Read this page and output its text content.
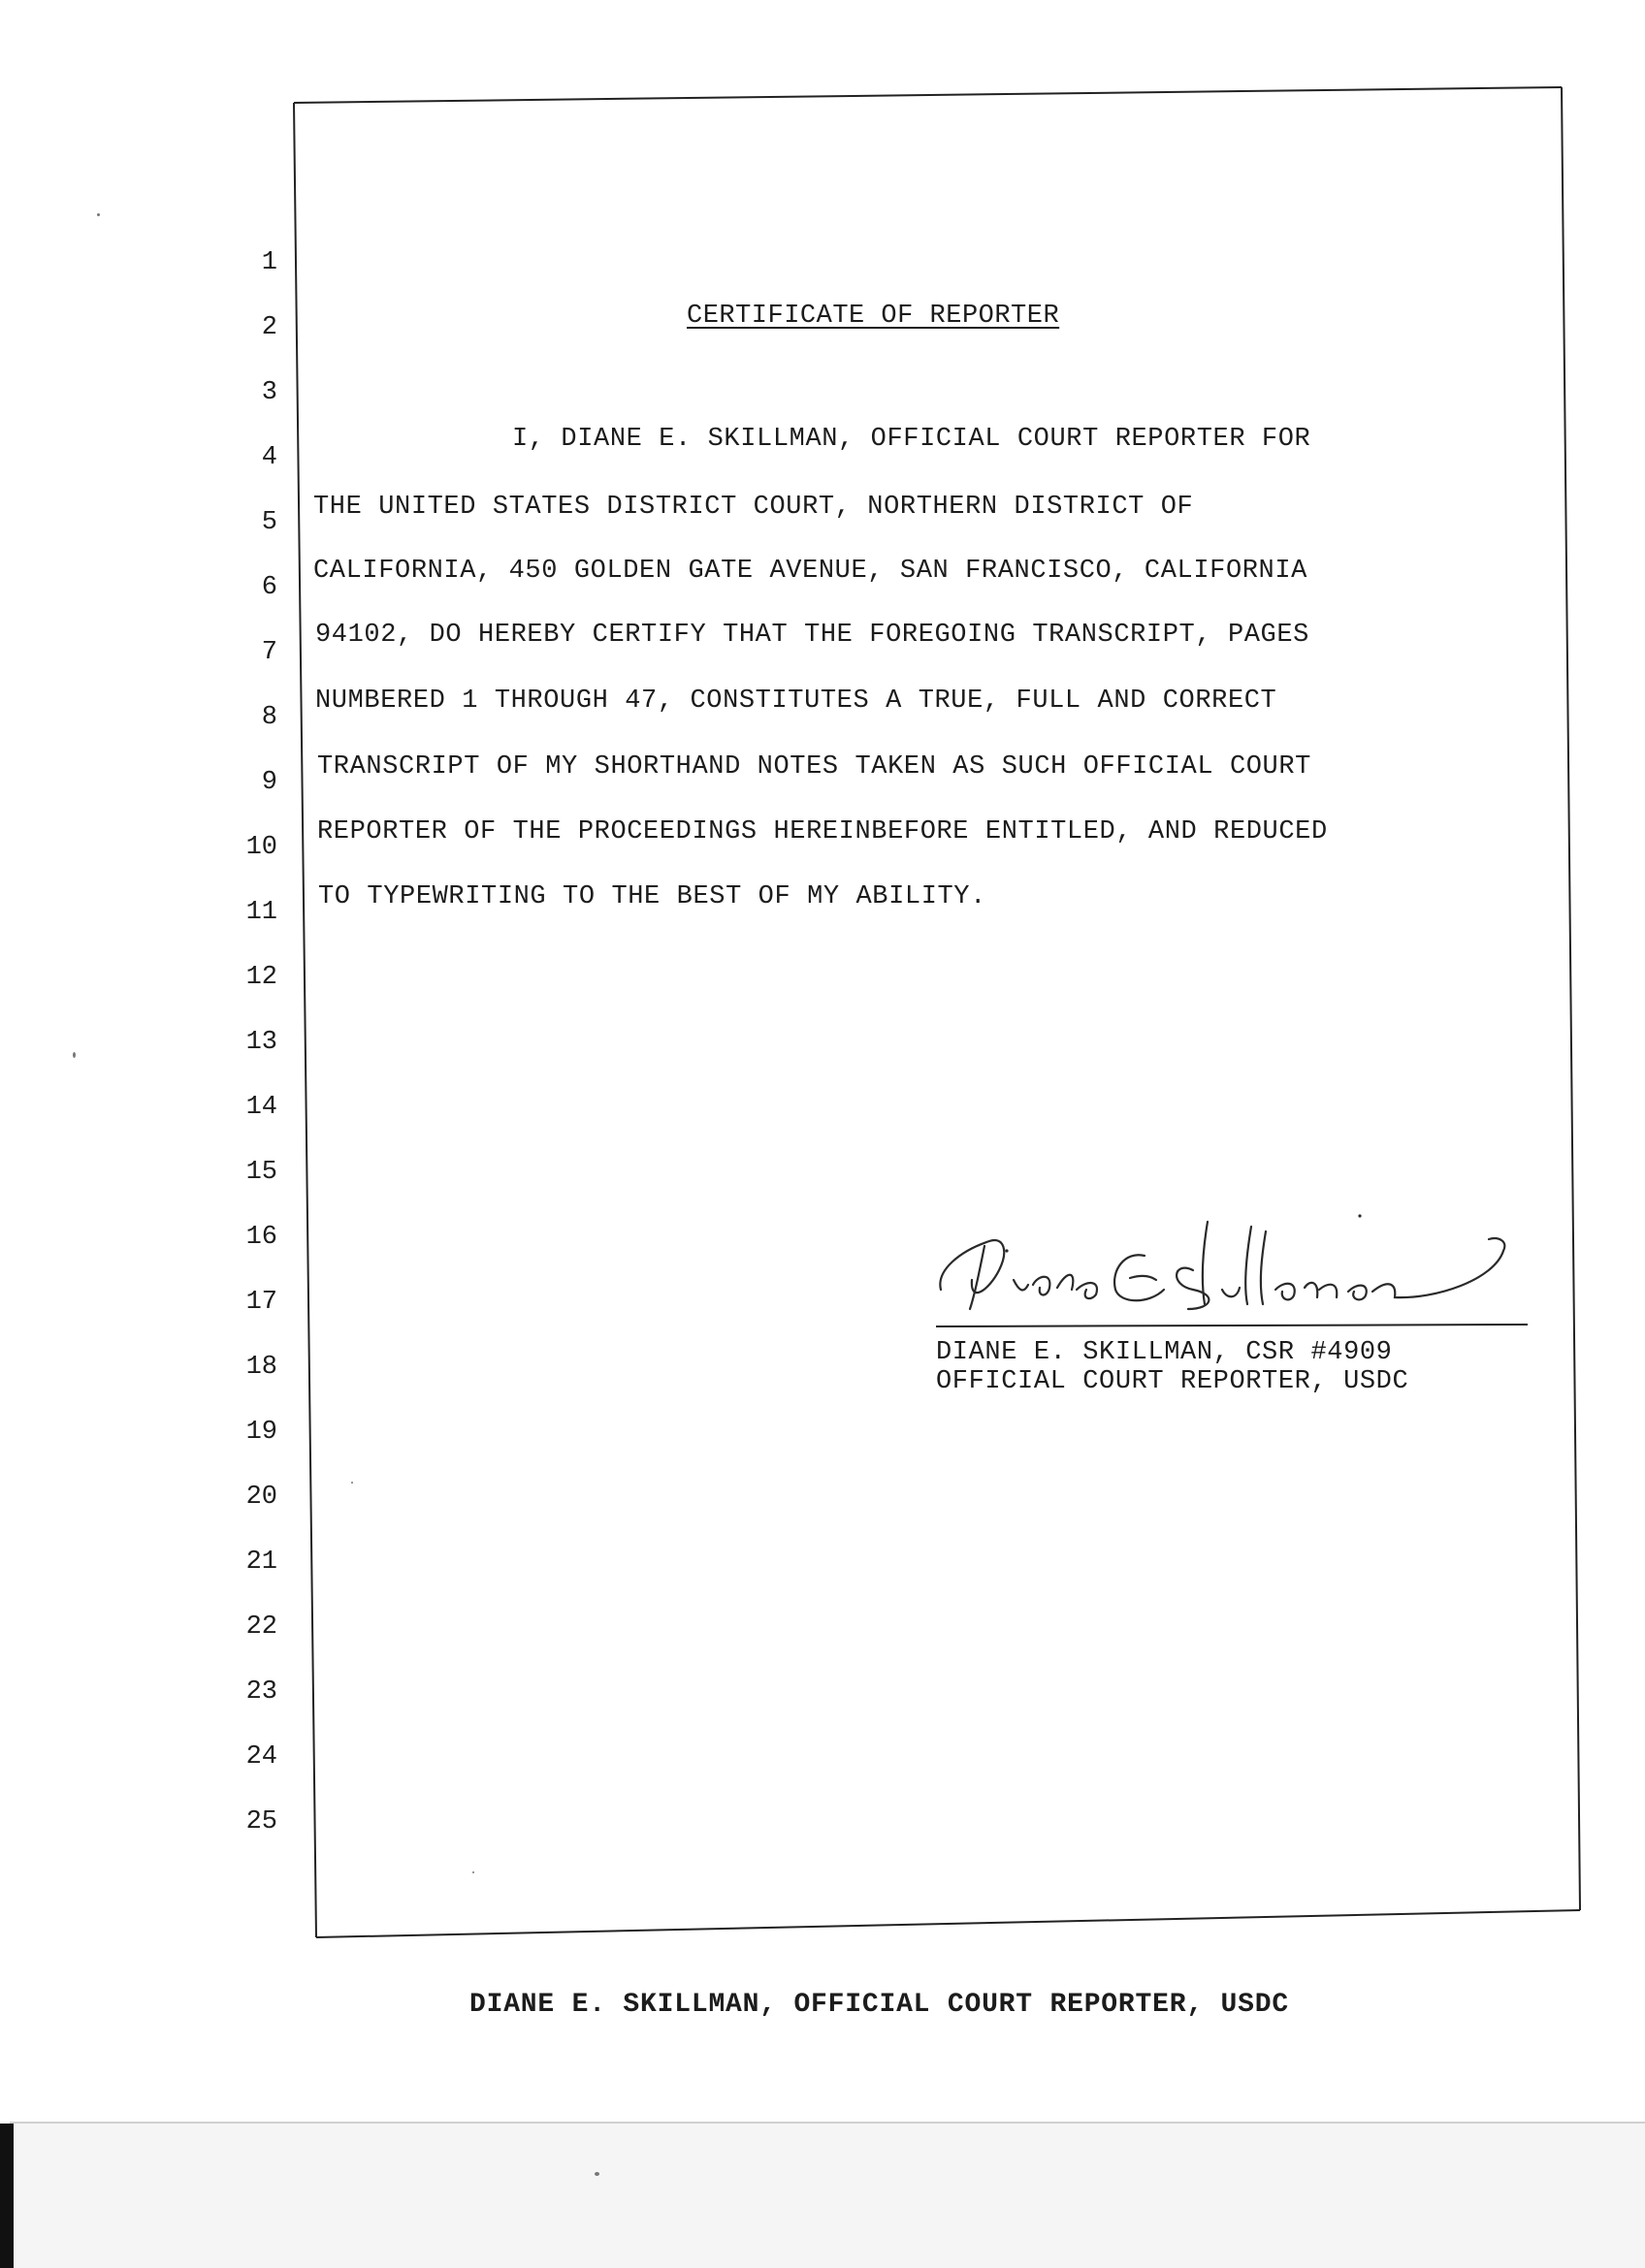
1
2
3
4
5
6
7
8
9
10
11
12
13
14
15
16
17
18
19
20
21
22
23
24
25
CERTIFICATE OF REPORTER
I, DIANE E. SKILLMAN, OFFICIAL COURT REPORTER FOR
THE UNITED STATES DISTRICT COURT, NORTHERN DISTRICT OF
CALIFORNIA, 450 GOLDEN GATE AVENUE, SAN FRANCISCO, CALIFORNIA
94102, DO HEREBY CERTIFY THAT THE FOREGOING TRANSCRIPT, PAGES
NUMBERED 1 THROUGH 47, CONSTITUTES A TRUE, FULL AND CORRECT
TRANSCRIPT OF MY SHORTHAND NOTES TAKEN AS SUCH OFFICIAL COURT
REPORTER OF THE PROCEEDINGS HEREINBEFORE ENTITLED, AND REDUCED
TO TYPEWRITING TO THE BEST OF MY ABILITY.
DIANE E. SKILLMAN, CSR #4909
OFFICIAL COURT REPORTER, USDC
DIANE E. SKILLMAN, OFFICIAL COURT REPORTER, USDC
